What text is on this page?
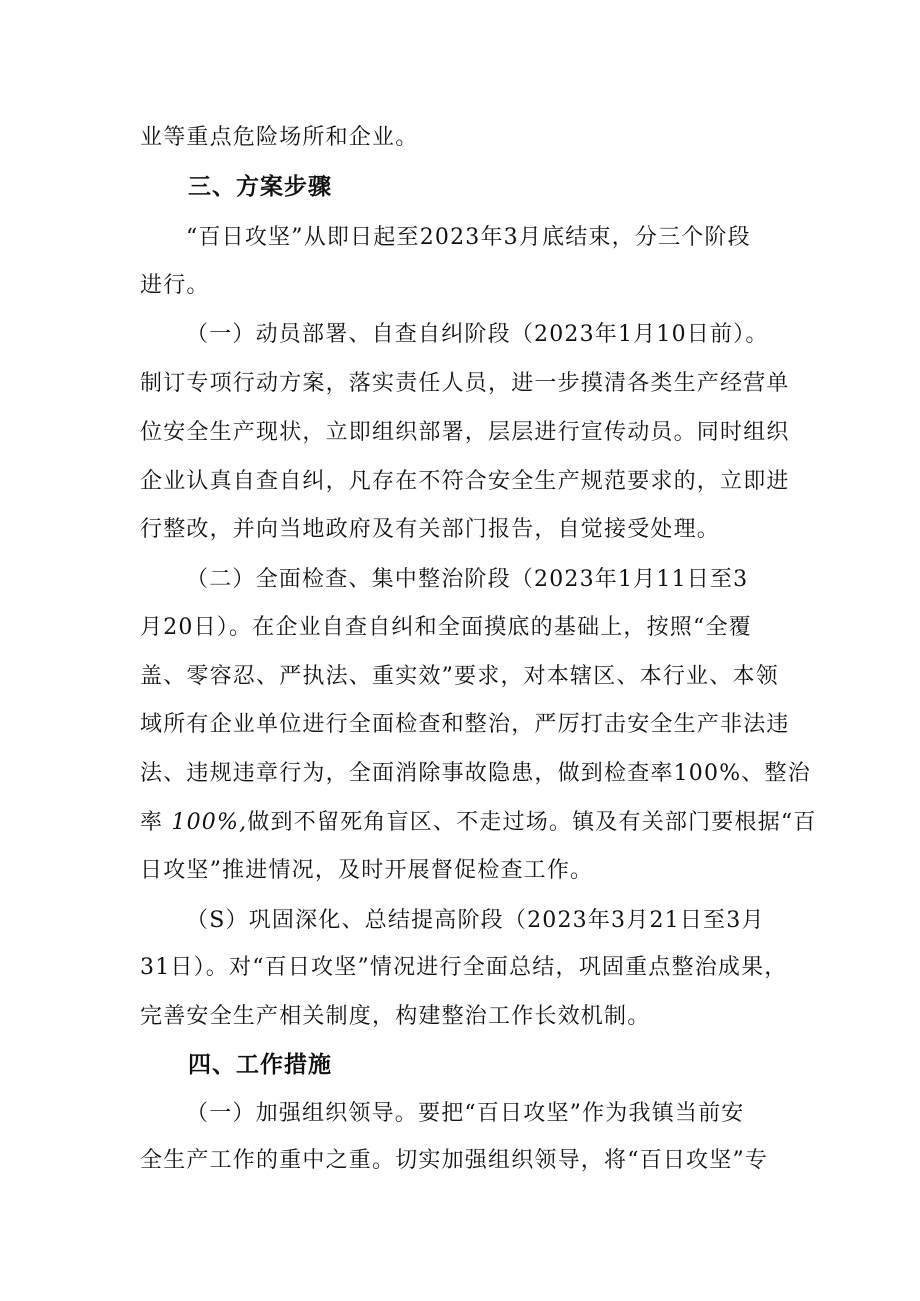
业等重点危险场所和企业。
三、方案步骤
“百日攻坚”从即日起至2023年3月底结束，分三个阶段
进行。
（一）动员部署、自查自纠阶段（2023年1月10日前）。
制订专项行动方案，落实责任人员，进一步摸清各类生产经营单
位安全生产现状，立即组织部署，层层进行宣传动员。同时组织
企业认真自查自纠，凡存在不符合安全生产规范要求的，立即进
行整改，并向当地政府及有关部门报告，自觉接受处理。
（二）全面检查、集中整治阶段（2023年1月11日至3
月20日）。在企业自查自纠和全面摸底的基础上，按照“全覆
盖、零容忍、严执法、重实效”要求，对本辖区、本行业、本领
域所有企业单位进行全面检查和整治，严厉打击安全生产非法违
法、违规违章行为，全面消除事故隐患，做到检查率100%、整治
率 100%,做到不留死角盲区、不走过场。镇及有关部门要根据“百
日攻坚”推进情况，及时开展督促检查工作。
（S）巩固深化、总结提高阶段（2023年3月21日至3月
31日）。对“百日攻坚”情况进行全面总结，巩固重点整治成果，
完善安全生产相关制度，构建整治工作长效机制。
四、工作措施
（一）加强组织领导。要把“百日攻坚”作为我镇当前安
全生产工作的重中之重。切实加强组织领导，将“百日攻坚”专
